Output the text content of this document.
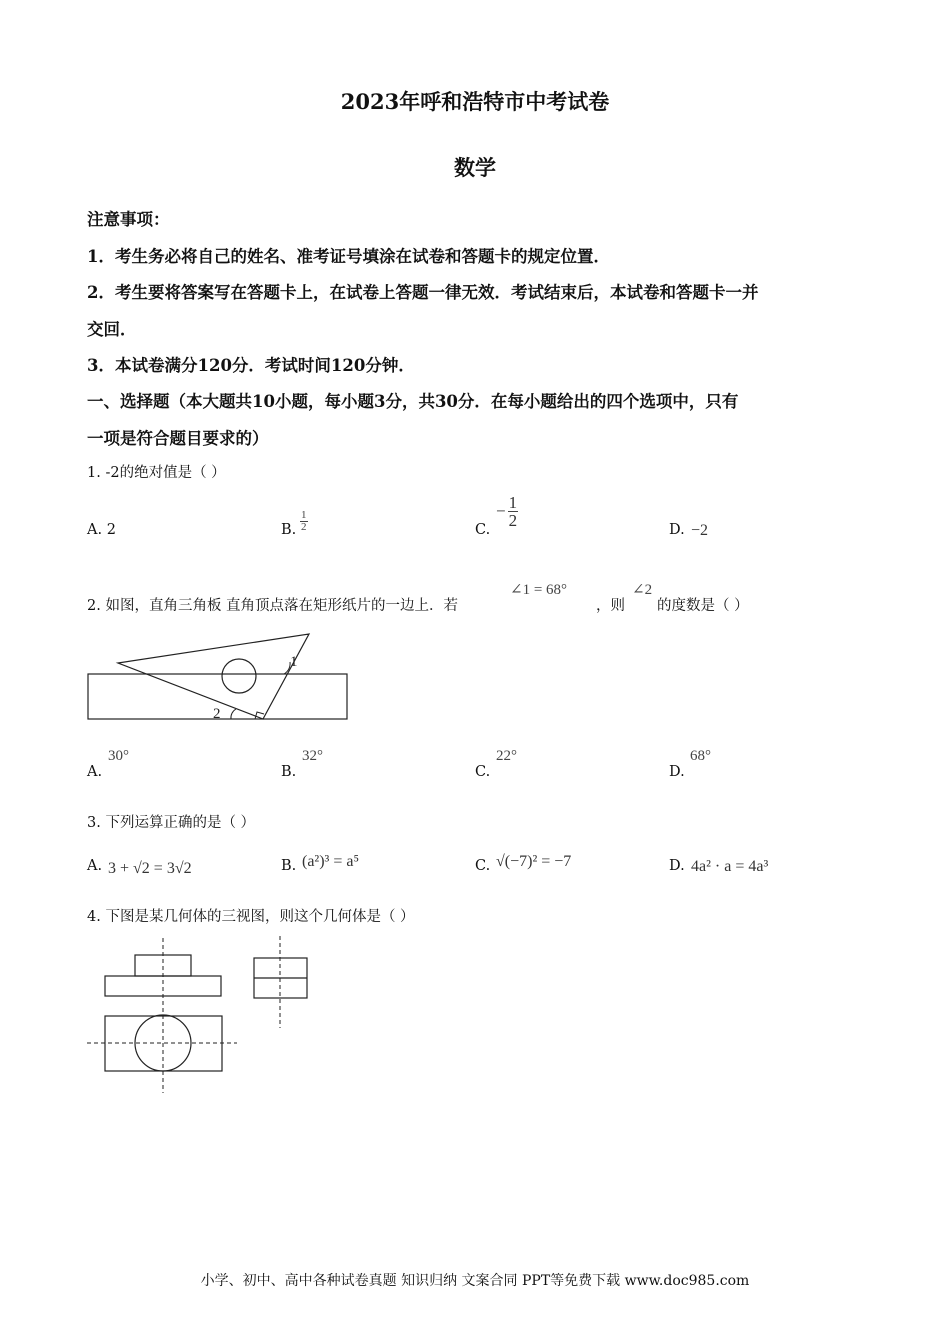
2023年呼和浩特市中考试卷
数学
注意事项：
1．考生务必将自己的姓名、准考证号填涂在试卷和答题卡的规定位置．
2．考生要将答案写在答题卡上，在试卷上答题一律无效．考试结束后，本试卷和答题卡一并
交回．
3．本试卷满分120分．考试时间120分钟．
一、选择题（本大题共10小题，每小题3分，共30分．在每小题给出的四个选项中，只有
一项是符合题目要求的）
1. -2的绝对值是（ ）
A. 2	B. $\frac{1}{2}$	C.
− $\frac{1}{2}$
D. −2
2. 如图，直角三角板 直角顶点落在矩形纸片的一边上．若
∠1 = 68°
，则
∠2
的度数是（ ）
1
2
A.
30°
B.
32°
C.
22°
D.
68°
3. 下列运算正确的是（ ）
A. 3 + √2 = 3√2	B. (a²)³ = a⁵	C. √(−7)² = −7	D. 4a² · a = 4a³
4. 下图是某几何体的三视图，则这个几何体是（ ）
小学、初中、高中各种试卷真题 知识归纳 文案合同 PPT等免费下载 www.doc985.com
